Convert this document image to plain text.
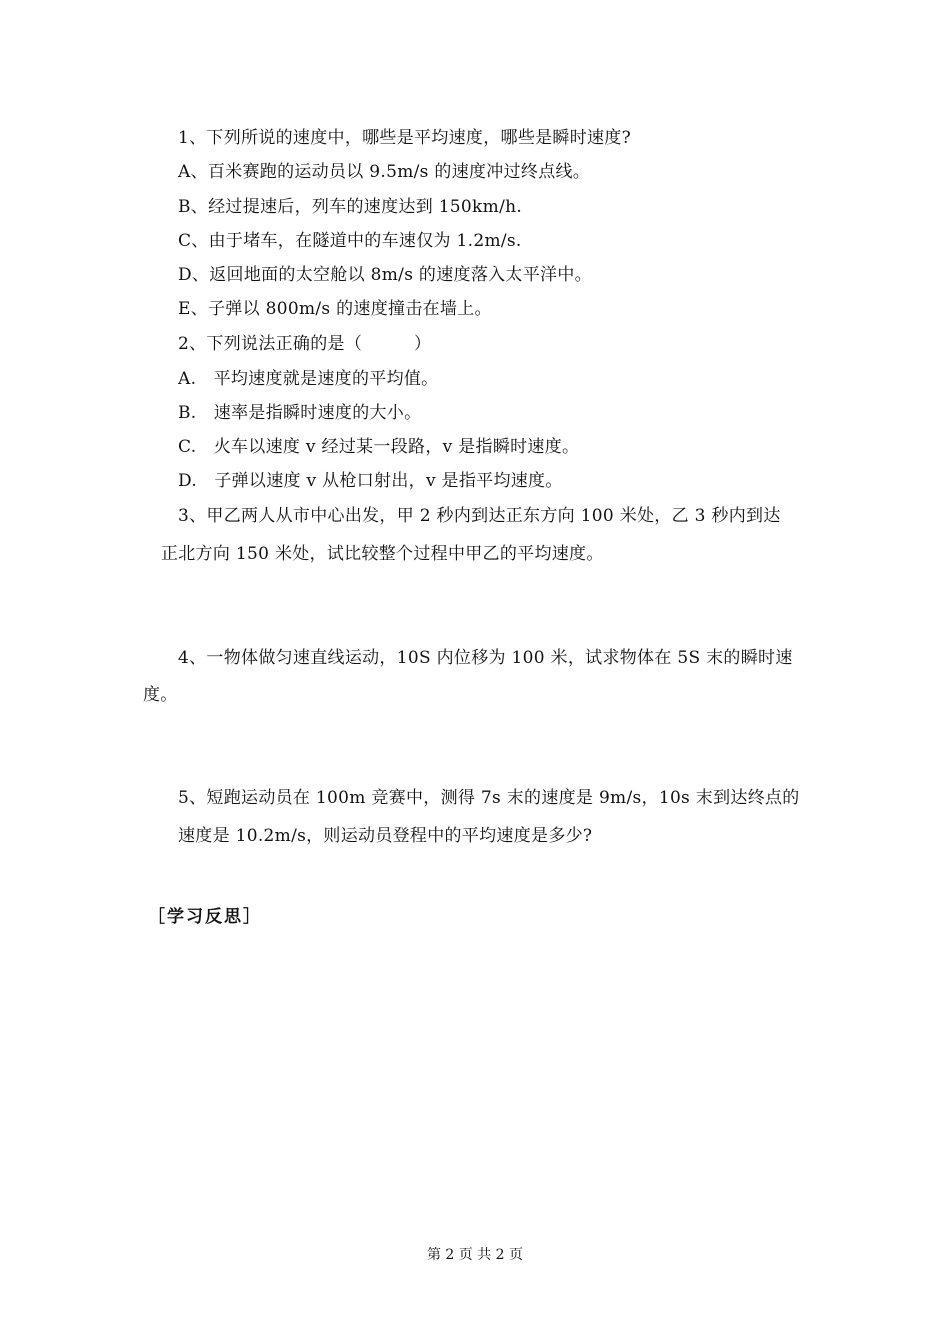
1、下列所说的速度中，哪些是平均速度，哪些是瞬时速度?
A、百米赛跑的运动员以 9.5m/s 的速度冲过终点线。
B、经过提速后，列车的速度达到 150km/h.
C、由于堵车，在隧道中的车速仅为 1.2m/s.
D、返回地面的太空舱以 8m/s 的速度落入太平洋中。
E、子弹以 800m/s 的速度撞击在墙上。
2、下列说法正确的是（　　　）
A.　平均速度就是速度的平均值。
B.　速率是指瞬时速度的大小。
C.　火车以速度 v 经过某一段路，v 是指瞬时速度。
D.　子弹以速度 v 从枪口射出，v 是指平均速度。
3、甲乙两人从市中心出发，甲 2 秒内到达正东方向 100 米处，乙 3 秒内到达
正北方向 150 米处，试比较整个过程中甲乙的平均速度。
4、一物体做匀速直线运动，10S 内位移为 100 米，试求物体在 5S 末的瞬时速
度。
5、短跑运动员在 100m 竞赛中，测得 7s 末的速度是 9m/s，10s 末到达终点的
速度是 10.2m/s，则运动员登程中的平均速度是多少?
［学习反思］
第 2 页 共 2 页
